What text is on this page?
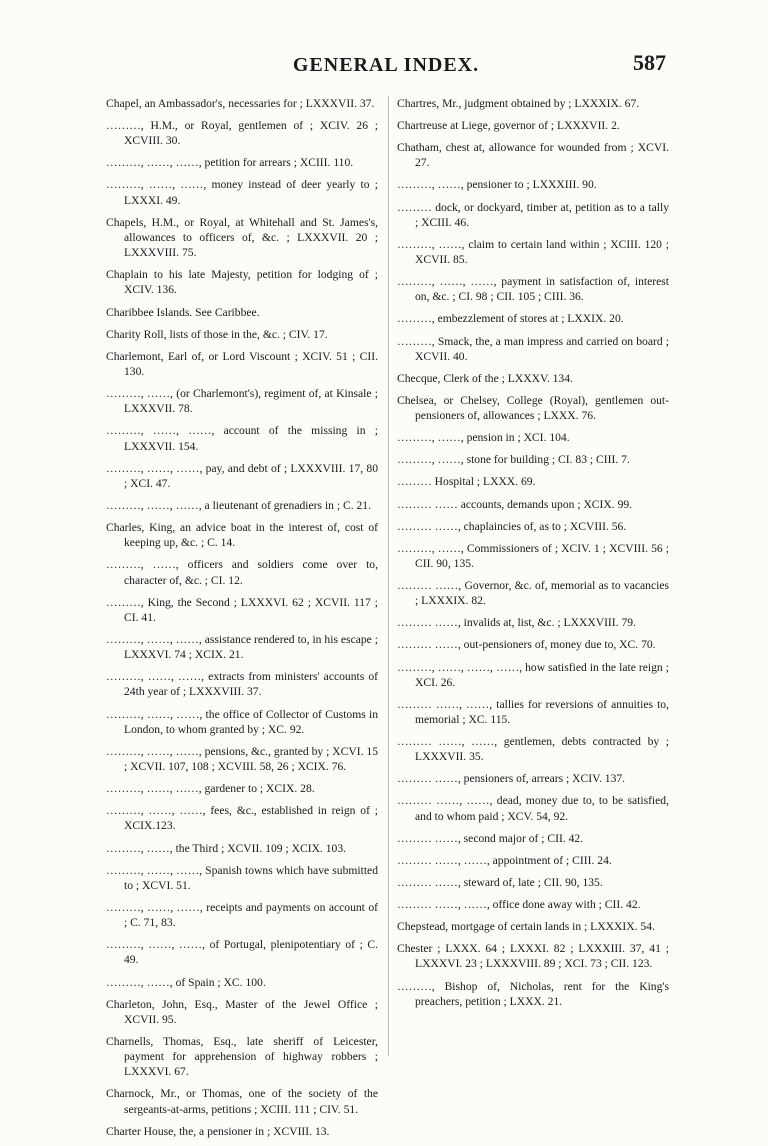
GENERAL INDEX.	587

Chapel, an Ambassador's, necessaries for ; LXXXVII. 37.

………, H.M., or Royal, gentlemen of ; XCIV. 26 ; XCVIII. 30.

………, ……, ……, petition for arrears ; XCIII. 110.

………, ……, ……, money instead of deer yearly to ; LXXXI. 49.

Chapels, H.M., or Royal, at Whitehall and St. James's, allowances to officers of, &c. ; LXXXVII. 20 ; LXXXVIII. 75.

Chaplain to his late Majesty, petition for lodging of ; XCIV. 136.

Charibbee Islands. See Caribbee.

Charity Roll, lists of those in the, &c. ; CIV. 17.

Charlemont, Earl of, or Lord Viscount ; XCIV. 51 ; CII. 130.

………, ……, (or Charlemont's), regiment of, at Kinsale ; LXXXVII. 78.

………, ……, ……, account of the missing in ; LXXXVII. 154.

………, ……, ……, pay, and debt of ; LXXXVIII. 17, 80 ; XCI. 47.

………, ……, ……, a lieutenant of grenadiers in ; C. 21.

Charles, King, an advice boat in the interest of, cost of keeping up, &c. ; C. 14.

………, ……, officers and soldiers come over to, character of, &c. ; CI. 12.

………, King, the Second ; LXXXVI. 62 ; XCVII. 117 ; CI. 41.

………, ……, ……, assistance rendered to, in his escape ; LXXXVI. 74 ; XCIX. 21.

………, ……, ……, extracts from ministers' accounts of 24th year of ; LXXXVIII. 37.

………, ……, ……, the office of Collector of Customs in London, to whom granted by ; XC. 92.

………, ……, ……, pensions, &c., granted by ; XCVI. 15 ; XCVII. 107, 108 ; XCVIII. 58, 26 ; XCIX. 76.

………, ……, ……, gardener to ; XCIX. 28.

………, ……, ……, fees, &c., established in reign of ; XCIX.123.

………, ……, the Third ; XCVII. 109 ; XCIX. 103.

………, ……, ……, Spanish towns which have submitted to ; XCVI. 51.

………, ……, ……, receipts and payments on account of ; C. 71, 83.

………, ……, ……, of Portugal, plenipotentiary of ; C. 49.

………, ……, of Spain ; XC. 100.

Charleton, John, Esq., Master of the Jewel Office ; XCVII. 95.

Charnells, Thomas, Esq., late sheriff of Leicester, payment for apprehension of highway robbers ; LXXXVI. 67.

Charnock, Mr., or Thomas, one of the society of the sergeants-at-arms, petitions ; XCIII. 111 ; CIV. 51.

Charter House, the, a pensioner in ; XCVIII. 13.

Chartres, Mr., judgment obtained by ; LXXXIX. 67.

Chartreuse at Liege, governor of ; LXXXVII. 2.

Chatham, chest at, allowance for wounded from ; XCVI. 27.

………, ……, pensioner to ; LXXXIII. 90.

……… dock, or dockyard, timber at, petition as to a tally ; XCIII. 46.

………, ……, claim to certain land within ; XCIII. 120 ; XCVII. 85.

………, ……, ……, payment in satisfaction of, interest on, &c. ; CI. 98 ; CII. 105 ; CIII. 36.

………, embezzlement of stores at ; LXXIX. 20.

………, Smack, the, a man impress and carried on board ; XCVII. 40.

Checque, Clerk of the ; LXXXV. 134.

Chelsea, or Chelsey, College (Royal), gentlemen out-pensioners of, allowances ; LXXX. 76.

………, ……, pension in ; XCI. 104.

………, ……, stone for building ; CI. 83 ; CIII. 7.

……… Hospital ; LXXX. 69.

……… …… accounts, demands upon ; XCIX. 99.

……… ……, chaplaincies of, as to ; XCVIII. 56.

………, ……, Commissioners of ; XCIV. 1 ; XCVIII. 56 ; CII. 90, 135.

……… ……, Governor, &c. of, memorial as to vacancies ; LXXXIX. 82.

……… ……, invalids at, list, &c. ; LXXXVIII. 79.

……… ……, out-pensioners of, money due to, XC. 70.

………, ……, ……, ……, how satisfied in the late reign ; XCI. 26.

……… ……, ……, tallies for reversions of annuities to, memorial ; XC. 115.

……… ……, ……, gentlemen, debts contracted by ; LXXXVII. 35.

……… ……, pensioners of, arrears ; XCIV. 137.

……… ……, ……, dead, money due to, to be satisfied, and to whom paid ; XCV. 54, 92.

……… ……, second major of ; CII. 42.

……… ……, ……, appointment of ; CIII. 24.

……… ……, steward of, late ; CII. 90, 135.

……… ……, ……, office done away with ; CII. 42.

Chepstead, mortgage of certain lands in ; LXXXIX. 54.

Chester ; LXXX. 64 ; LXXXI. 82 ; LXXXIII. 37, 41 ; LXXXVI. 23 ; LXXXVIII. 89 ; XCI. 73 ; CII. 123.

………, Bishop of, Nicholas, rent for the King's preachers, petition ; LXXX. 21.
